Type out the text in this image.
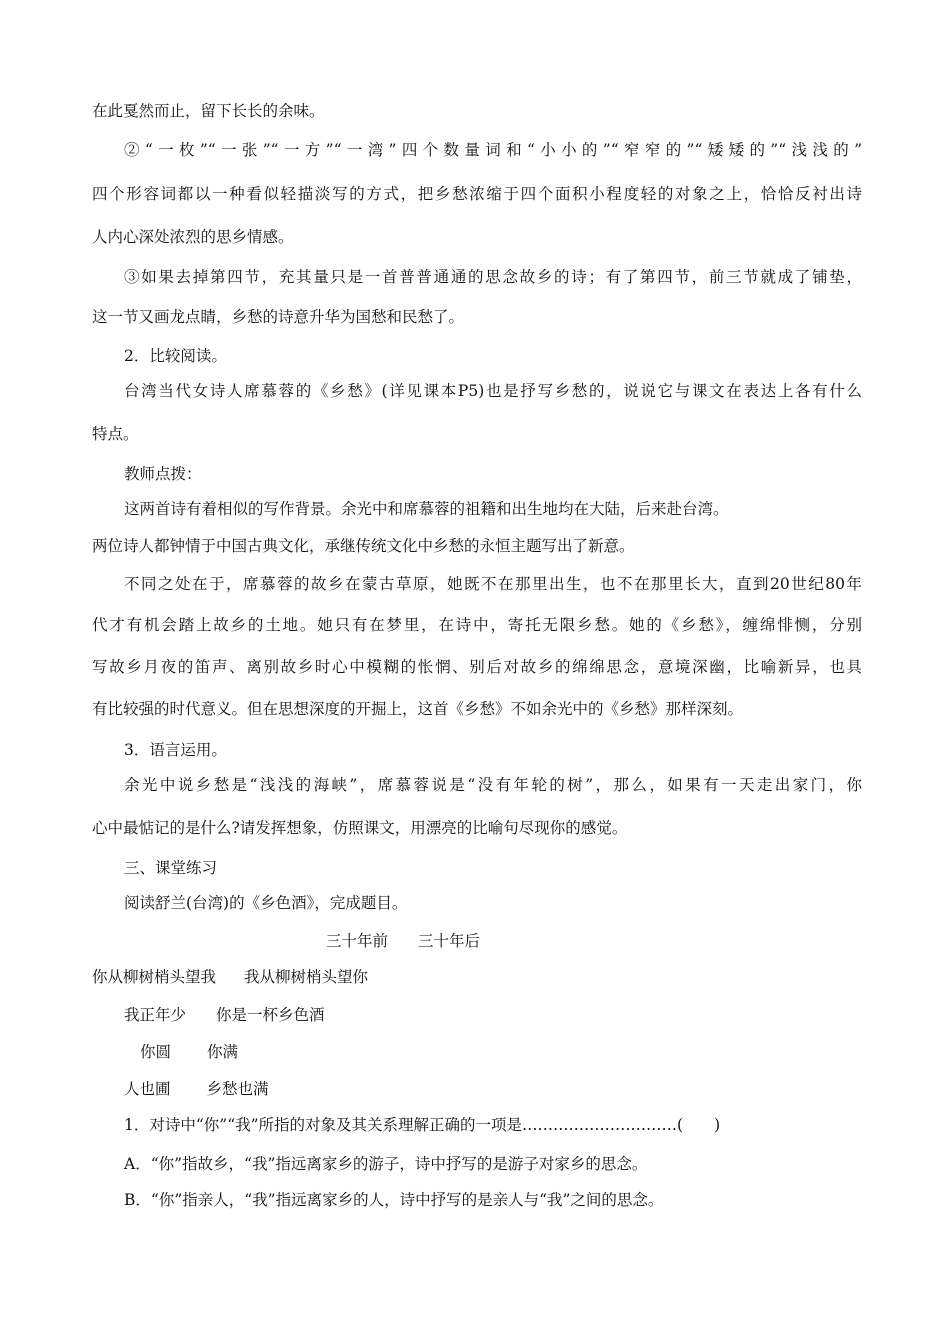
在此戛然而止，留下长长的余味。
②“一枚”“一张”“一方”“一湾”四个数量词和“小小的”“窄窄的”“矮矮的”“浅浅的”
四个形容词都以一种看似轻描淡写的方式，把乡愁浓缩于四个面积小程度轻的对象之上，恰恰反衬出诗
人内心深处浓烈的思乡情感。
③如果去掉第四节，充其量只是一首普普通通的思念故乡的诗；有了第四节，前三节就成了铺垫，
这一节又画龙点睛，乡愁的诗意升华为国愁和民愁了。
2．比较阅读。
台湾当代女诗人席慕蓉的《乡愁》(详见课本P5)也是抒写乡愁的，说说它与课文在表达上各有什么
特点。
教师点拨：
这两首诗有着相似的写作背景。余光中和席慕蓉的祖籍和出生地均在大陆，后来赴台湾。
两位诗人都钟情于中国古典文化，承继传统文化中乡愁的永恒主题写出了新意。
不同之处在于，席慕蓉的故乡在蒙古草原，她既不在那里出生，也不在那里长大，直到20世纪80年
代才有机会踏上故乡的土地。她只有在梦里，在诗中，寄托无限乡愁。她的《乡愁》，缠绵悱恻，分别
写故乡月夜的笛声、离别故乡时心中模糊的怅惘、别后对故乡的绵绵思念，意境深幽，比喻新异，也具
有比较强的时代意义。但在思想深度的开掘上，这首《乡愁》不如余光中的《乡愁》那样深刻。
3．语言运用。
余光中说乡愁是“浅浅的海峡”，席慕蓉说是“没有年轮的树”，那么，如果有一天走出家门，你
心中最惦记的是什么?请发挥想象，仿照课文，用漂亮的比喻句尽现你的感觉。
三、课堂练习
阅读舒兰(台湾)的《乡色酒》，完成题目。
三十年前 三十年后
你从柳树梢头望我 我从柳树梢头望你
我正年少 你是一杯乡色酒
你圆 你满
人也圃 乡愁也满
1．对诗中“你”“我”所指的对象及其关系理解正确的一项是…………………………(　　)
A．“你”指故乡，“我”指远离家乡的游子，诗中抒写的是游子对家乡的思念。
B．“你”指亲人，“我”指远离家乡的人，诗中抒写的是亲人与“我”之间的思念。
